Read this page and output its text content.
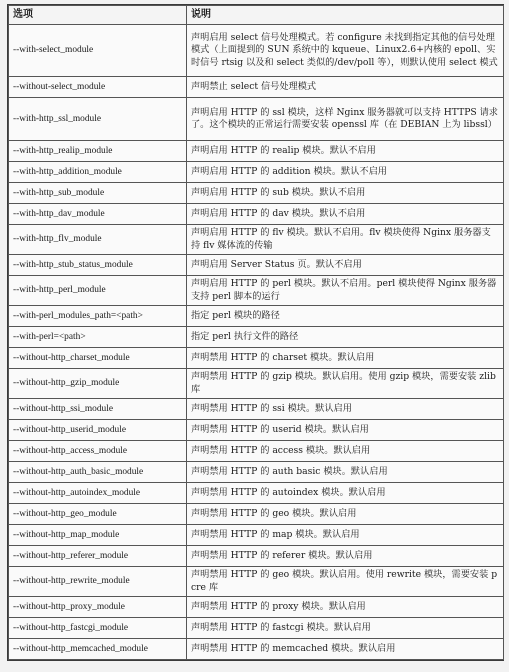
选项	说明
--with-select_module	声明启用 select 信号处理模式。若 configure 未找到指定其他的信号处理模式（上面提到的 SUN 系统中的 kqueue、Linux2.6+内核的 epoll、实时信号 rtsig 以及和 select 类似的/dev/poll 等），则默认使用 select 模式
--without-select_module	声明禁止 select 信号处理模式
--with-http_ssl_module	声明启用 HTTP 的 ssl 模块，这样 Nginx 服务器就可以支持 HTTPS 请求了。这个模块的正常运行需要安装 openssl 库（在 DEBIAN 上为 libssl）
--with-http_realip_module	声明启用 HTTP 的 realip 模块。默认不启用
--with-http_addition_module	声明启用 HTTP 的 addition 模块。默认不启用
--with-http_sub_module	声明启用 HTTP 的 sub 模块。默认不启用
--with-http_dav_module	声明启用 HTTP 的 dav 模块。默认不启用
--with-http_flv_module	声明启用 HTTP 的 flv 模块。默认不启用。flv 模块使得 Nginx 服务器支持 flv 媒体流的传输
--with-http_stub_status_module	声明启用 Server Status 页。默认不启用
--with-http_perl_module	声明启用 HTTP 的 perl 模块。默认不启用。perl 模块使得 Nginx 服务器支持 perl 脚本的运行
--with-perl_modules_path=<path>	指定 perl 模块的路径
--with-perl=<path>	指定 perl 执行文件的路径
--without-http_charset_module	声明禁用 HTTP 的 charset 模块。默认启用
--without-http_gzip_module	声明禁用 HTTP 的 gzip 模块。默认启用。使用 gzip 模块，需要安装 zlib 库
--without-http_ssi_module	声明禁用 HTTP 的 ssi 模块。默认启用
--without-http_userid_module	声明禁用 HTTP 的 userid 模块。默认启用
--without-http_access_module	声明禁用 HTTP 的 access 模块。默认启用
--without-http_auth_basic_module	声明禁用 HTTP 的 auth basic 模块。默认启用
--without-http_autoindex_module	声明禁用 HTTP 的 autoindex 模块。默认启用
--without-http_geo_module	声明禁用 HTTP 的 geo 模块。默认启用
--without-http_map_module	声明禁用 HTTP 的 map 模块。默认启用
--without-http_referer_module	声明禁用 HTTP 的 referer 模块。默认启用
--without-http_rewrite_module	声明禁用 HTTP 的 geo 模块。默认启用。使用 rewrite 模块，需要安装 pcre 库
--without-http_proxy_module	声明禁用 HTTP 的 proxy 模块。默认启用
--without-http_fastcgi_module	声明禁用 HTTP 的 fastcgi 模块。默认启用
--without-http_memcached_module	声明禁用 HTTP 的 memcached 模块。默认启用
